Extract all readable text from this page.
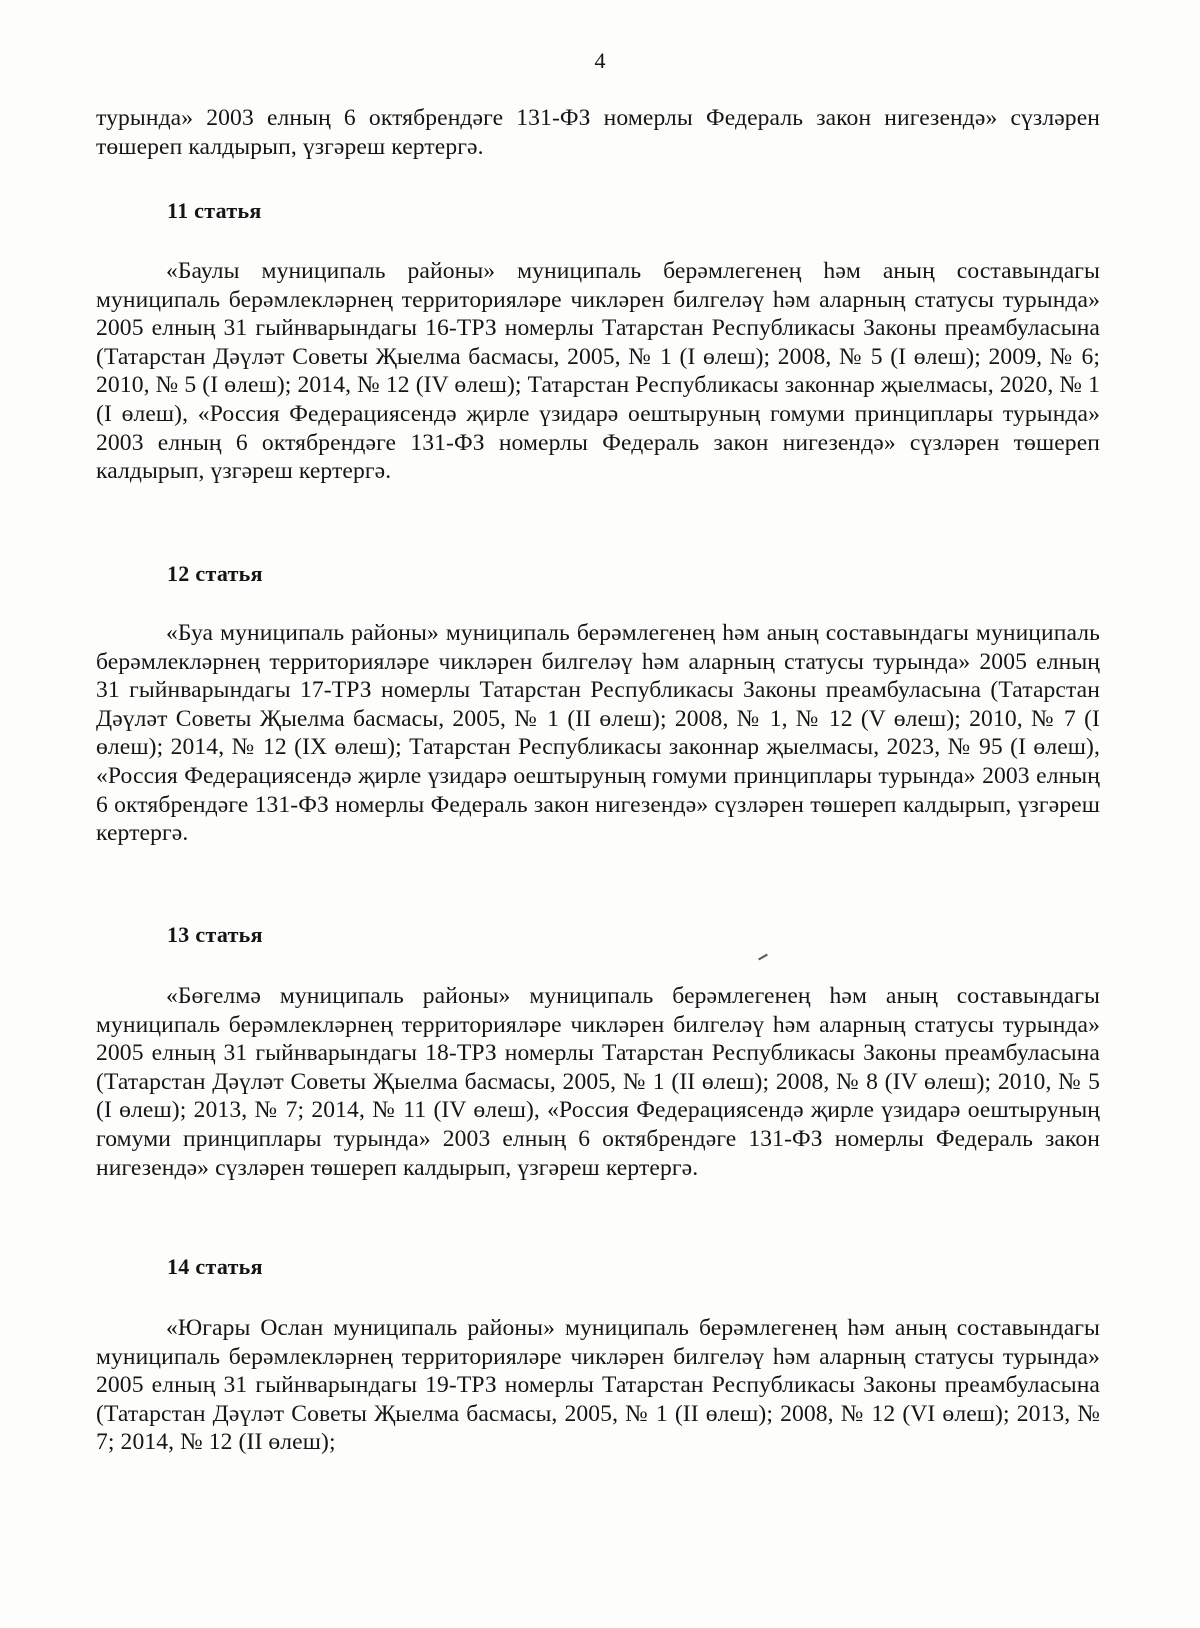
4
турында» 2003 елның 6 октябрендәге 131-ФЗ номерлы Федераль закон нигезендә» сүзләрен төшереп калдырып, үзгәреш кертергә.
11 статья
«Баулы муниципаль районы» муниципаль берәмлегенең һәм аның составындагы муниципаль берәмлекләрнең территорияләре чикләрен билгеләү һәм аларның статусы турында» 2005 елның 31 гыйнварындагы 16-ТРЗ номерлы Татарстан Республикасы Законы преамбуласына (Татарстан Дәүләт Советы Җыелма басмасы, 2005, № 1 (I өлеш); 2008, № 5 (I өлеш); 2009, № 6; 2010, № 5 (I өлеш); 2014, № 12 (IV өлеш); Татарстан Республикасы законнар җыелмасы, 2020, № 1 (I өлеш), «Россия Федерациясендә җирле үзидарә оештыруның гомуми принциплары турында» 2003 елның 6 октябрендәге 131-ФЗ номерлы Федераль закон нигезендә» сүзләрен төшереп калдырып, үзгәреш кертергә.
12 статья
«Буа муниципаль районы» муниципаль берәмлегенең һәм аның составындагы муниципаль берәмлекләрнең территорияләре чикләрен билгеләү һәм аларның статусы турында» 2005 елның 31 гыйнварындагы 17-ТРЗ номерлы Татарстан Республикасы Законы преамбуласына (Татарстан Дәүләт Советы Җыелма басмасы, 2005, № 1 (II өлеш); 2008, № 1, № 12 (V өлеш); 2010, № 7 (I өлеш); 2014, № 12 (IX өлеш); Татарстан Республикасы законнар җыелмасы, 2023, № 95 (I өлеш), «Россия Федерациясендә җирле үзидарә оештыруның гомуми принциплары турында» 2003 елның 6 октябрендәге 131-ФЗ номерлы Федераль закон нигезендә» сүзләрен төшереп калдырып, үзгәреш кертергә.
13 статья
«Бөгелмә муниципаль районы» муниципаль берәмлегенең һәм аның составындагы муниципаль берәмлекләрнең территорияләре чикләрен билгеләү һәм аларның статусы турында» 2005 елның 31 гыйнварындагы 18-ТРЗ номерлы Татарстан Республикасы Законы преамбуласына (Татарстан Дәүләт Советы Җыелма басмасы, 2005, № 1 (II өлеш); 2008, № 8 (IV өлеш); 2010, № 5 (I өлеш); 2013, № 7; 2014, № 11 (IV өлеш), «Россия Федерациясендә җирле үзидарә оештыруның гомуми принциплары турында» 2003 елның 6 октябрендәге 131-ФЗ номерлы Федераль закон нигезендә» сүзләрен төшереп калдырып, үзгәреш кертергә.
14 статья
«Югары Ослан муниципаль районы» муниципаль берәмлегенең һәм аның составындагы муниципаль берәмлекләрнең территорияләре чикләрен билгеләү һәм аларның статусы турында» 2005 елның 31 гыйнварындагы 19-ТРЗ номерлы Татарстан Республикасы Законы преамбуласына (Татарстан Дәүләт Советы Җыелма басмасы, 2005, № 1 (II өлеш); 2008, № 12 (VI өлеш); 2013, № 7; 2014, № 12 (II өлеш);
